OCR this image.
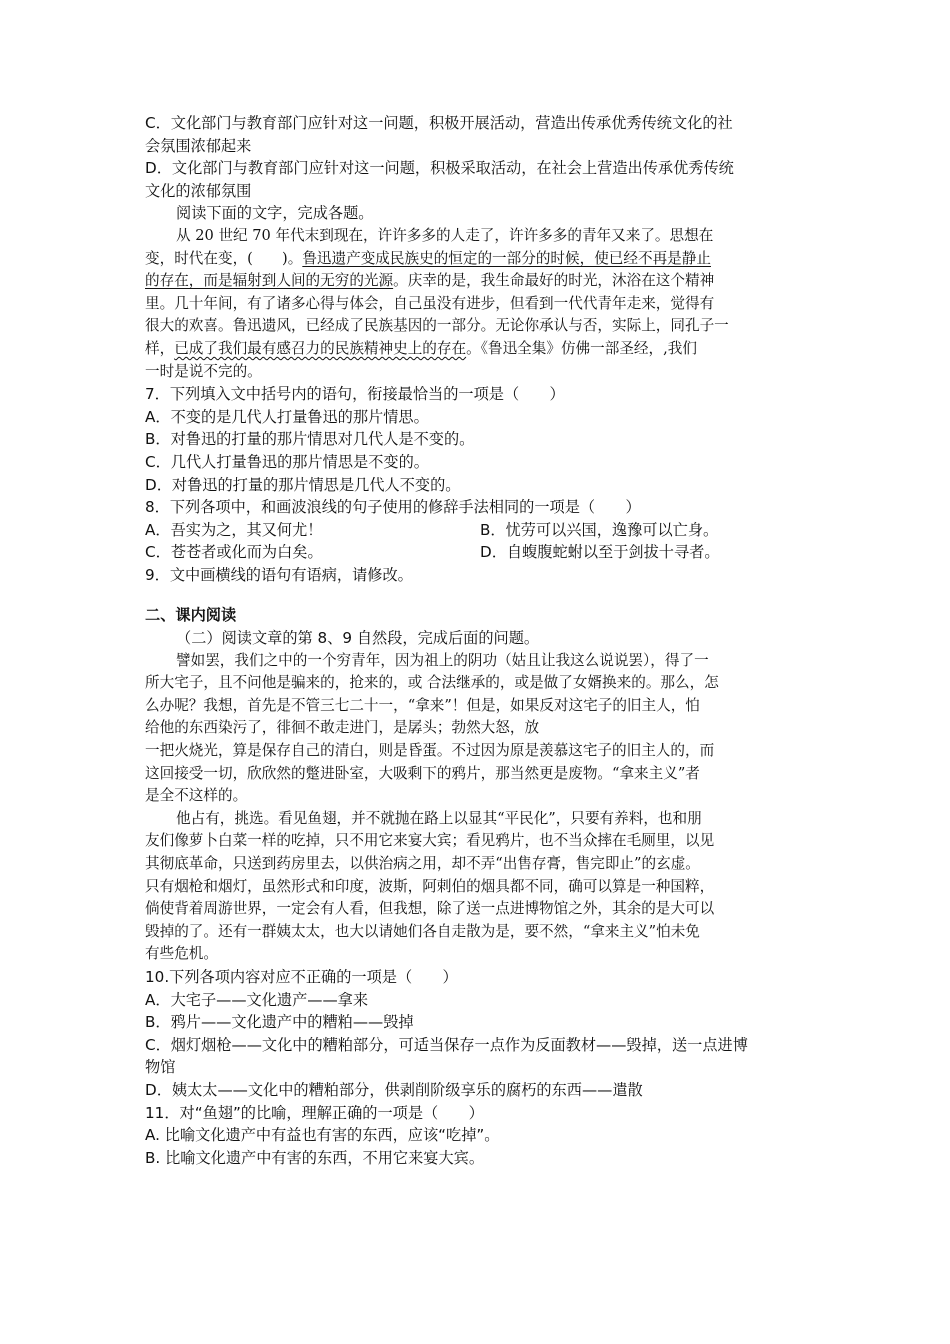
C．文化部门与教育部门应针对这一问题，积极开展活动，营造出传承优秀传统文化的社
会氛围浓郁起来
D．文化部门与教育部门应针对这一问题，积极采取活动，在社会上营造出传承优秀传统
文化的浓郁氛围
阅读下面的文字，完成各题。
从 20 世纪 70 年代末到现在，许许多多的人走了，许许多多的青年又来了。思想在
变，时代在变，(　　)。鲁迅遗产变成民族史的恒定的一部分的时候，使已经不再是静止
的存在，而是辐射到人间的无穷的光源。庆幸的是，我生命最好的时光，沐浴在这个精神
里。几十年间，有了诸多心得与体会，自己虽没有进步，但看到一代代青年走来，觉得有
很大的欢喜。鲁迅遗风，已经成了民族基因的一部分。无论你承认与否，实际上，同孔子一
样，已成了我们最有感召力的民族精神史上的存在。《鲁迅全集》仿佛一部圣经，,我们
一时是说不完的。
7．下列填入文中括号内的语句，衔接最恰当的一项是（　　）
A．不变的是几代人打量鲁迅的那片情思。
B．对鲁迅的打量的那片情思对几代人是不变的。
C．几代人打量鲁迅的那片情思是不变的。
D．对鲁迅的打量的那片情思是几代人不变的。
8．下列各项中，和画波浪线的句子使用的修辞手法相同的一项是（　　）
A．吾实为之，其又何尤！	B．忧劳可以兴国，逸豫可以亡身。
C．苍苍者或化而为白矣。	D．自蝮腹蛇蚹以至于剑拔十寻者。
9．文中画横线的语句有语病，请修改。
二、课内阅读
（二）阅读文章的第 8、9 自然段，完成后面的问题。
譬如罢，我们之中的一个穷青年，因为祖上的阴功（姑且让我这么说说罢），得了一
所大宅子，且不问他是骗来的，抢来的，或 合法继承的，或是做了女婿换来的。那么，怎
么办呢？我想，首先是不管三七二十一，“拿来”！但是，如果反对这宅子的旧主人，怕
给他的东西染污了，徘徊不敢走进门，是孱头；勃然大怒，放
一把火烧光，算是保存自己的清白，则是昏蛋。不过因为原是羡慕这宅子的旧主人的，而
这回接受一切，欣欣然的蹩进卧室，大吸剩下的鸦片，那当然更是废物。“拿来主义”者
是全不这样的。
他占有，挑选。看见鱼翅，并不就抛在路上以显其“平民化”，只要有养料，也和朋
友们像萝卜白菜一样的吃掉，只不用它来宴大宾；看见鸦片，也不当众摔在毛厕里，以见
其彻底革命，只送到药房里去，以供治病之用，却不弄“出售存膏，售完即止”的玄虚。
只有烟枪和烟灯，虽然形式和印度，波斯，阿剌伯的烟具都不同，确可以算是一种国粹，
倘使背着周游世界，一定会有人看，但我想，除了送一点进博物馆之外，其余的是大可以
毁掉的了。还有一群姨太太，也大以请她们各自走散为是，要不然，“拿来主义”怕未免
有些危机。
10.下列各项内容对应不正确的一项是（　　）
A．大宅子——文化遗产——拿来
B．鸦片——文化遗产中的糟粕——毁掉
C．烟灯烟枪——文化中的糟粕部分，可适当保存一点作为反面教材——毁掉，送一点进博
物馆
D．姨太太——文化中的糟粕部分，供剥削阶级享乐的腐朽的东西——遣散
11．对“鱼翅”的比喻，理解正确的一项是（　　）
A. 比喻文化遗产中有益也有害的东西，应该“吃掉”。
B. 比喻文化遗产中有害的东西，不用它来宴大宾。
